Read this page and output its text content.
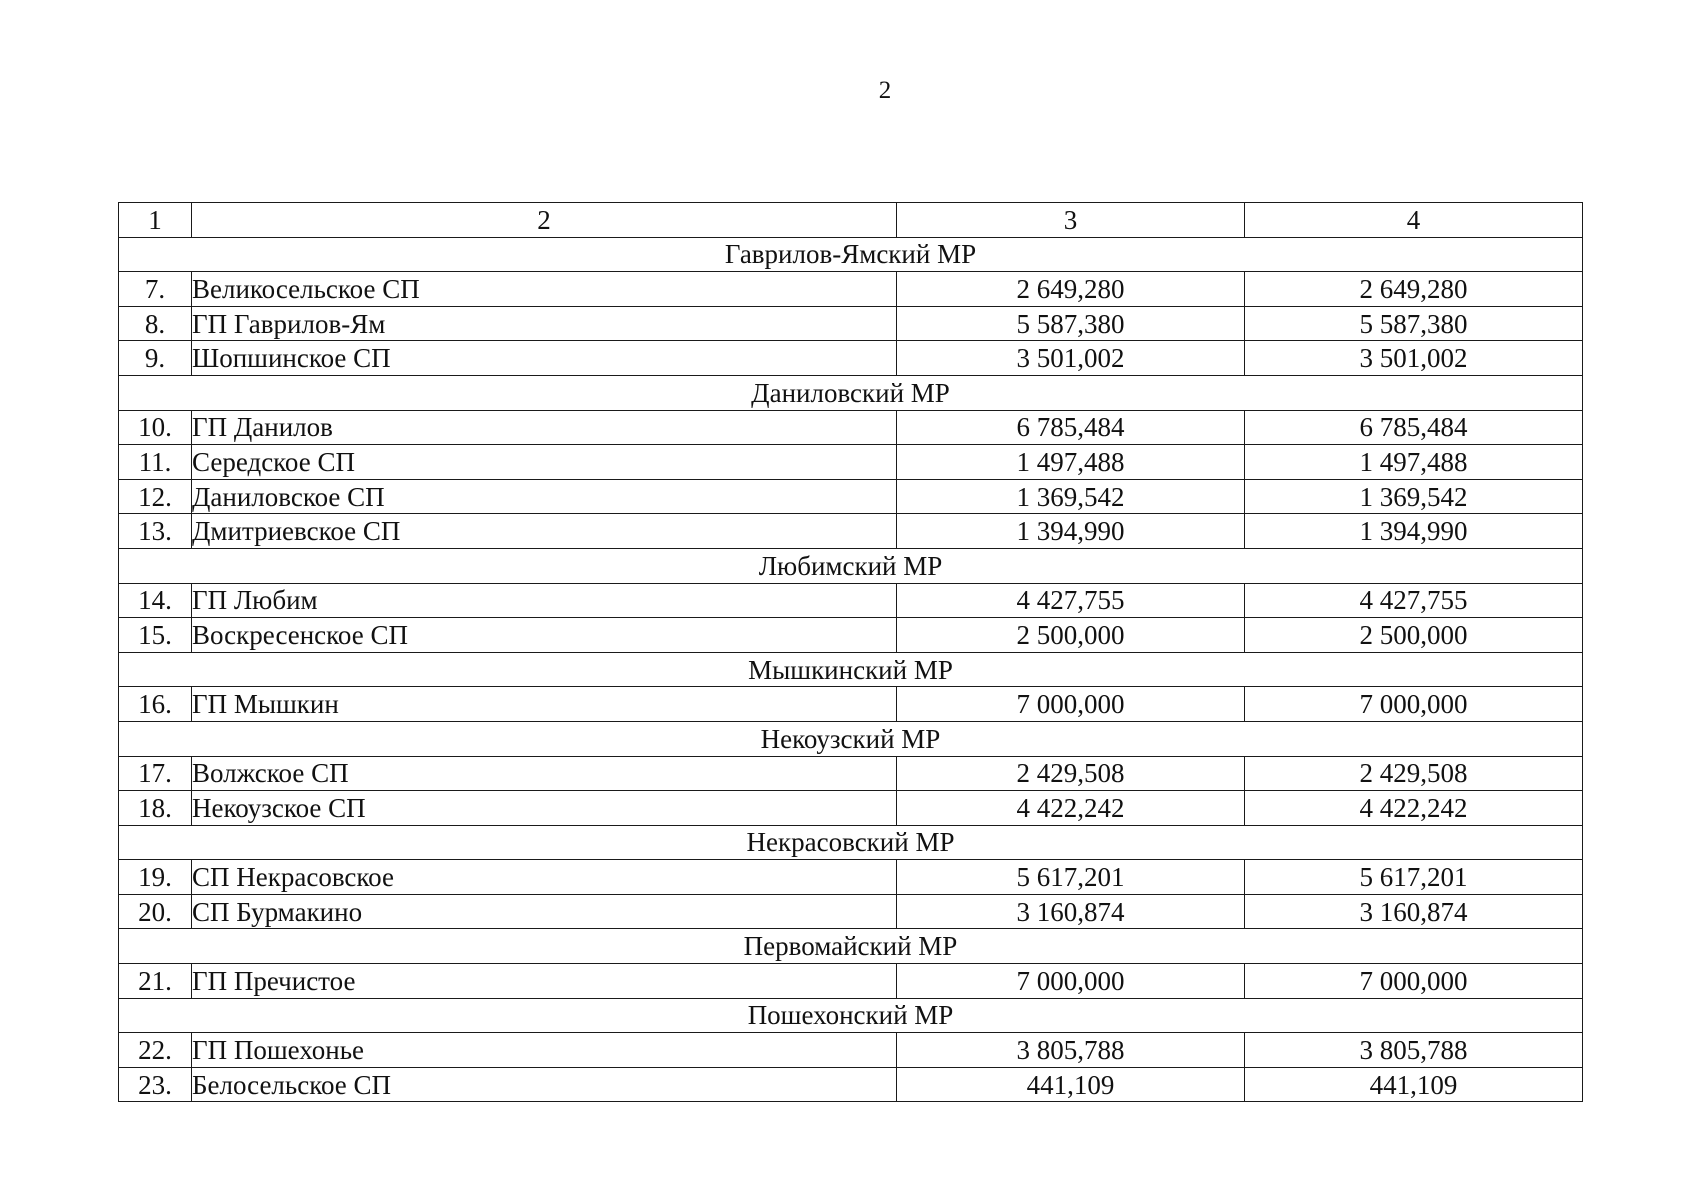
2
1	2	3	4
Гаврилов-Ямский МР			
7.	Великосельское СП	2 649,280	2 649,280
8.	ГП Гаврилов-Ям	5 587,380	5 587,380
9.	Шопшинское СП	3 501,002	3 501,002
Даниловский МР			
10.	ГП Данилов	6 785,484	6 785,484
11.	Середское СП	1 497,488	1 497,488
12.	Даниловское СП	1 369,542	1 369,542
13.	Дмитриевское СП	1 394,990	1 394,990
Любимский МР			
14.	ГП Любим	4 427,755	4 427,755
15.	Воскресенское СП	2 500,000	2 500,000
Мышкинский МР			
16.	ГП Мышкин	7 000,000	7 000,000
Некоузский МР			
17.	Волжское СП	2 429,508	2 429,508
18.	Некоузское СП	4 422,242	4 422,242
Некрасовский МР			
19.	СП Некрасовское	5 617,201	5 617,201
20.	СП Бурмакино	3 160,874	3 160,874
Первомайский МР			
21.	ГП Пречистое	7 000,000	7 000,000
Пошехонский МР			
22.	ГП Пошехонье	3 805,788	3 805,788
23.	Белосельское СП	441,109	441,109
